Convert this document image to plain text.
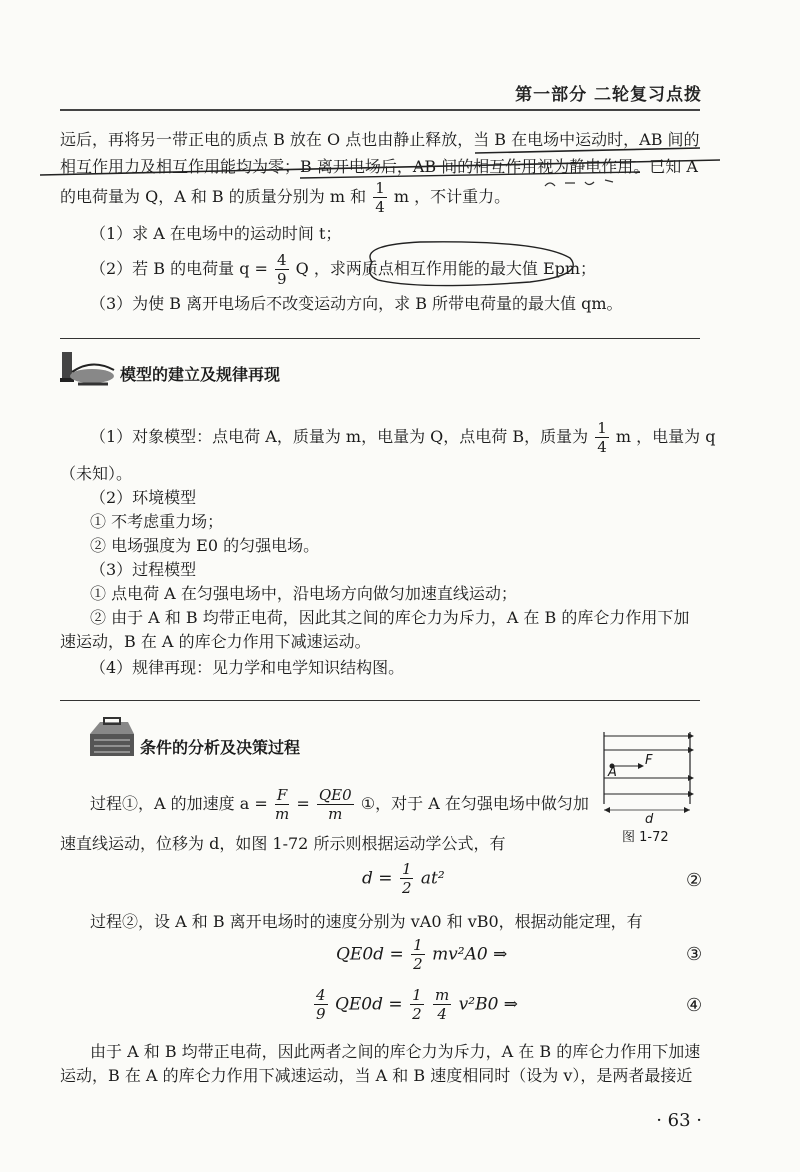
第一部分 二轮复习点拨
远后，再将另一带正电的质点 B 放在 O 点也由静止释放，当 B 在电场中运动时，AB 间的
相互作用力及相互作用能均为零；B 离开电场后，AB 间的相互作用视为静电作用。已知 A
的电荷量为 Q，A 和 B 的质量分别为 m 和 $\frac{1}{4}$ m ，不计重力。
（1）求 A 在电场中的运动时间 t；
（2）若 B 的电荷量 $q = \frac{4}{9}$ Q ，求两质点相互作用能的最大值 Epm；
（3）为使 B 离开电场后不改变运动方向，求 B 所带电荷量的最大值 qm。
模型的建立及规律再现
（1）对象模型：点电荷 A，质量为 m，电量为 Q，点电荷 B，质量为 $\frac{1}{4}$ m ，电量为 q
（未知）。
（2）环境模型
① 不考虑重力场；
② 电场强度为 E0 的匀强电场。
（3）过程模型
① 点电荷 A 在匀强电场中，沿电场方向做匀加速直线运动；
② 由于 A 和 B 均带正电荷，因此其之间的库仑力为斥力，A 在 B 的库仑力作用下加
速运动，B 在 A 的库仑力作用下减速运动。
（4）规律再现：见力学和电学知识结构图。
条件的分析及决策过程
A
F
d
图 1-72
过程①，A 的加速度 $a = \frac{F}{m} = \frac{QE0}{m}$ ①，对于 A 在匀强电场中做匀加
速直线运动，位移为 d，如图 1-72 所示则根据运动学公式，有
$d = \frac{1}{2} at^2$	②
过程②，设 A 和 B 离开电场时的速度分别为 vA0 和 vB0，根据动能定理，有
$QE0d = \frac{1}{2} mv^2A0$ ⇒	③
$\frac{4}{9} QE0d = \frac{1}{2}$
$\frac{m}{4} v^2B0$ ⇒	④
由于 A 和 B 均带正电荷，因此两者之间的库仑力为斥力，A 在 B 的库仑力作用下加速
运动，B 在 A 的库仑力作用下减速运动，当 A 和 B 速度相同时（设为 v），是两者最接近
· 63 ·
